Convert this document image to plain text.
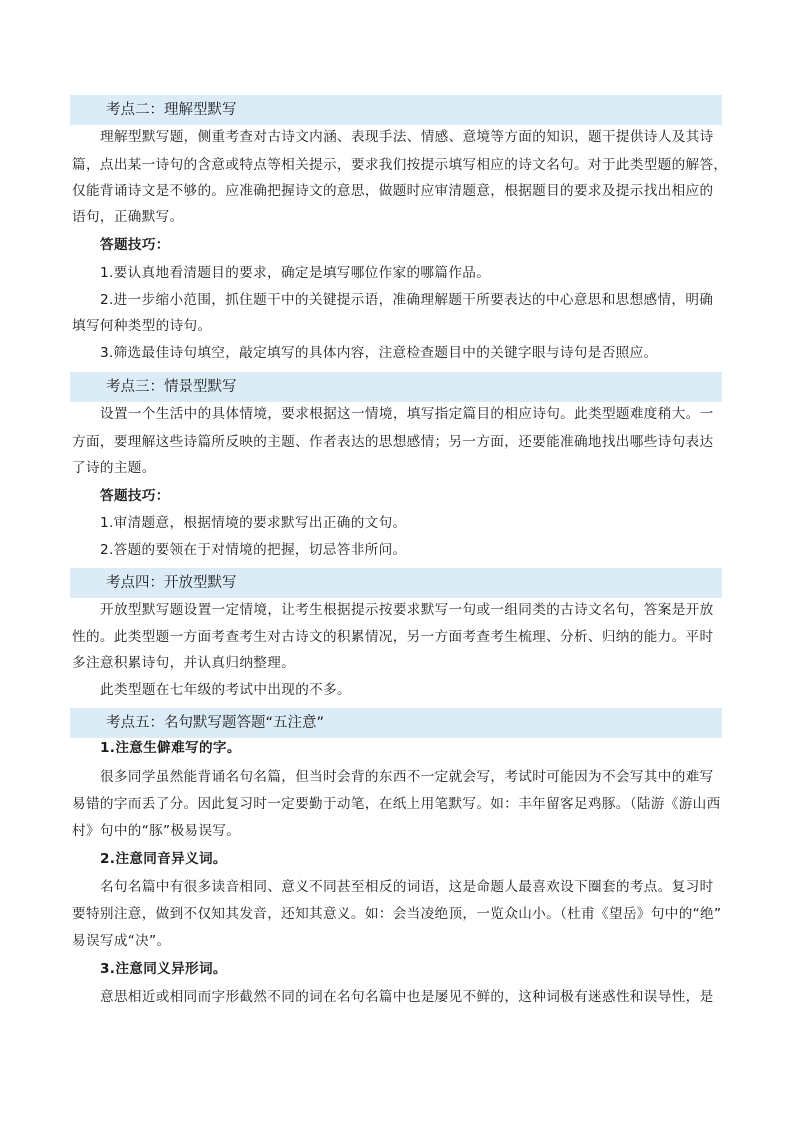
考点二：理解型默写
理解型默写题，侧重考查对古诗文内涵、表现手法、情感、意境等方面的知识，题干提供诗人及其诗
篇，点出某一诗句的含意或特点等相关提示，要求我们按提示填写相应的诗文名句。对于此类型题的解答，
仅能背诵诗文是不够的。应准确把握诗文的意思，做题时应审清题意，根据题目的要求及提示找出相应的
语句，正确默写。
答题技巧：
1.要认真地看清题目的要求，确定是填写哪位作家的哪篇作品。
2.进一步缩小范围，抓住题干中的关键提示语，准确理解题干所要表达的中心意思和思想感情，明确
填写何种类型的诗句。
3.筛选最佳诗句填空，敲定填写的具体内容，注意检查题目中的关键字眼与诗句是否照应。
考点三：情景型默写
设置一个生活中的具体情境，要求根据这一情境，填写指定篇目的相应诗句。此类型题难度稍大。一
方面，要理解这些诗篇所反映的主题、作者表达的思想感情；另一方面，还要能准确地找出哪些诗句表达
了诗的主题。
答题技巧：
1.审清题意，根据情境的要求默写出正确的文句。
2.答题的要领在于对情境的把握，切忌答非所问。
考点四：开放型默写
开放型默写题设置一定情境，让考生根据提示按要求默写一句或一组同类的古诗文名句，答案是开放
性的。此类型题一方面考查考生对古诗文的积累情况，另一方面考查考生梳理、分析、归纳的能力。平时
多注意积累诗句，并认真归纳整理。
此类型题在七年级的考试中出现的不多。
考点五：名句默写题答题“五注意”
1.注意生僻难写的字。
很多同学虽然能背诵名句名篇，但当时会背的东西不一定就会写，考试时可能因为不会写其中的难写
易错的字而丢了分。因此复习时一定要勤于动笔，在纸上用笔默写。如：丰年留客足鸡豚。（陆游《游山西
村》句中的“豚”极易误写。
2.注意同音异义词。
名句名篇中有很多读音相同、意义不同甚至相反的词语，这是命题人最喜欢设下圈套的考点。复习时
要特别注意，做到不仅知其发音，还知其意义。如：会当凌绝顶，一览众山小。（杜甫《望岳》句中的“绝”
易误写成“决”。
3.注意同义异形词。
意思相近或相同而字形截然不同的词在名句名篇中也是屡见不鲜的，这种词极有迷惑性和误导性，是
